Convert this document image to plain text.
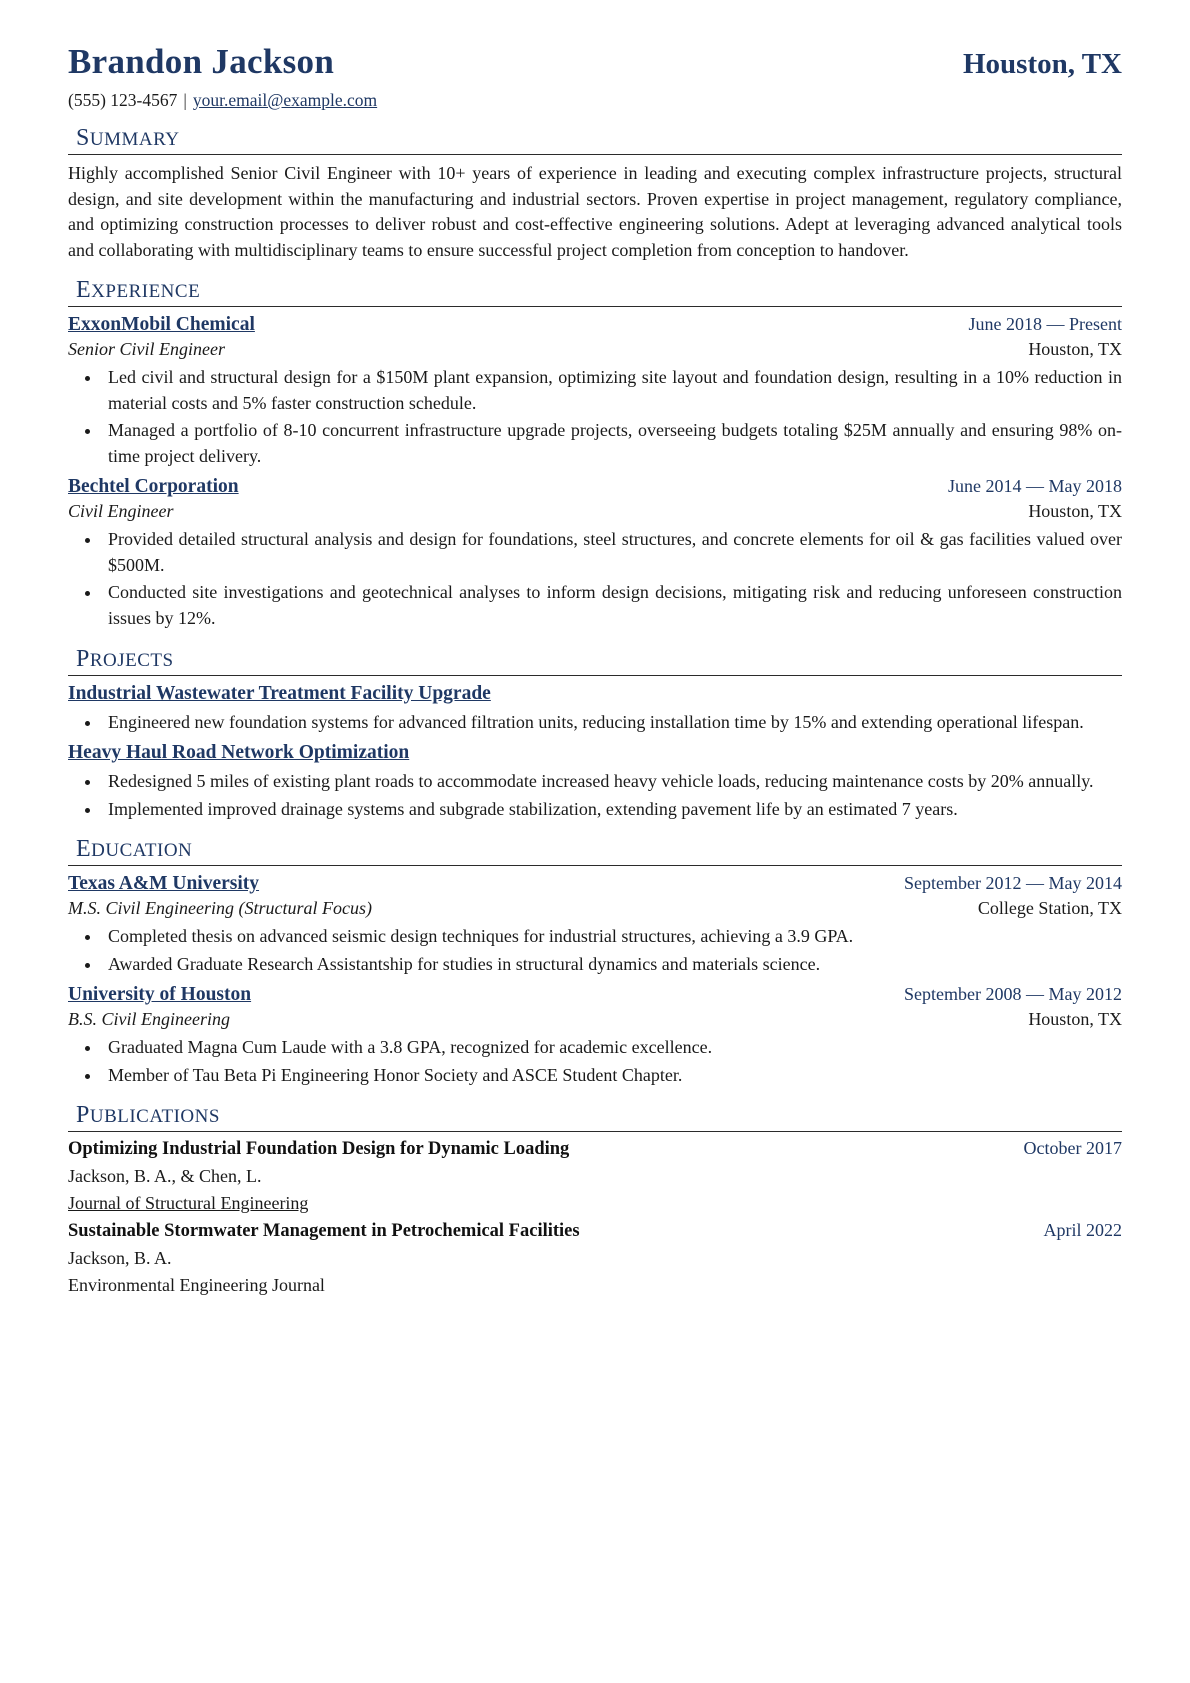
Brandon Jackson	Houston, TX
(555) 123-4567 | your.email@example.com
SUMMARY
Highly accomplished Senior Civil Engineer with 10+ years of experience in leading and executing complex infrastructure projects, structural design, and site development within the manufacturing and industrial sectors. Proven expertise in project management, regulatory compliance, and optimizing construction processes to deliver robust and cost-effective engineering solutions. Adept at leveraging advanced analytical tools and collaborating with multidisciplinary teams to ensure successful project completion from conception to handover.
EXPERIENCE
ExxonMobil Chemical	June 2018 — Present
Senior Civil Engineer	Houston, TX
• Led civil and structural design for a $150M plant expansion, optimizing site layout and foundation design, resulting in a 10% reduction in material costs and 5% faster construction schedule.
• Managed a portfolio of 8-10 concurrent infrastructure upgrade projects, overseeing budgets totaling $25M annually and ensuring 98% on-time project delivery.
Bechtel Corporation	June 2014 — May 2018
Civil Engineer	Houston, TX
• Provided detailed structural analysis and design for foundations, steel structures, and concrete elements for oil & gas facilities valued over $500M.
• Conducted site investigations and geotechnical analyses to inform design decisions, mitigating risk and reducing unforeseen construction issues by 12%.
PROJECTS
Industrial Wastewater Treatment Facility Upgrade
• Engineered new foundation systems for advanced filtration units, reducing installation time by 15% and extending operational lifespan.
Heavy Haul Road Network Optimization
• Redesigned 5 miles of existing plant roads to accommodate increased heavy vehicle loads, reducing maintenance costs by 20% annually.
• Implemented improved drainage systems and subgrade stabilization, extending pavement life by an estimated 7 years.
EDUCATION
Texas A&M University	September 2012 — May 2014
M.S. Civil Engineering (Structural Focus)	College Station, TX
• Completed thesis on advanced seismic design techniques for industrial structures, achieving a 3.9 GPA.
• Awarded Graduate Research Assistantship for studies in structural dynamics and materials science.
University of Houston	September 2008 — May 2012
B.S. Civil Engineering	Houston, TX
• Graduated Magna Cum Laude with a 3.8 GPA, recognized for academic excellence.
• Member of Tau Beta Pi Engineering Honor Society and ASCE Student Chapter.
PUBLICATIONS
Optimizing Industrial Foundation Design for Dynamic Loading	October 2017
Jackson, B. A., & Chen, L.
Journal of Structural Engineering
Sustainable Stormwater Management in Petrochemical Facilities	April 2022
Jackson, B. A.
Environmental Engineering Journal
